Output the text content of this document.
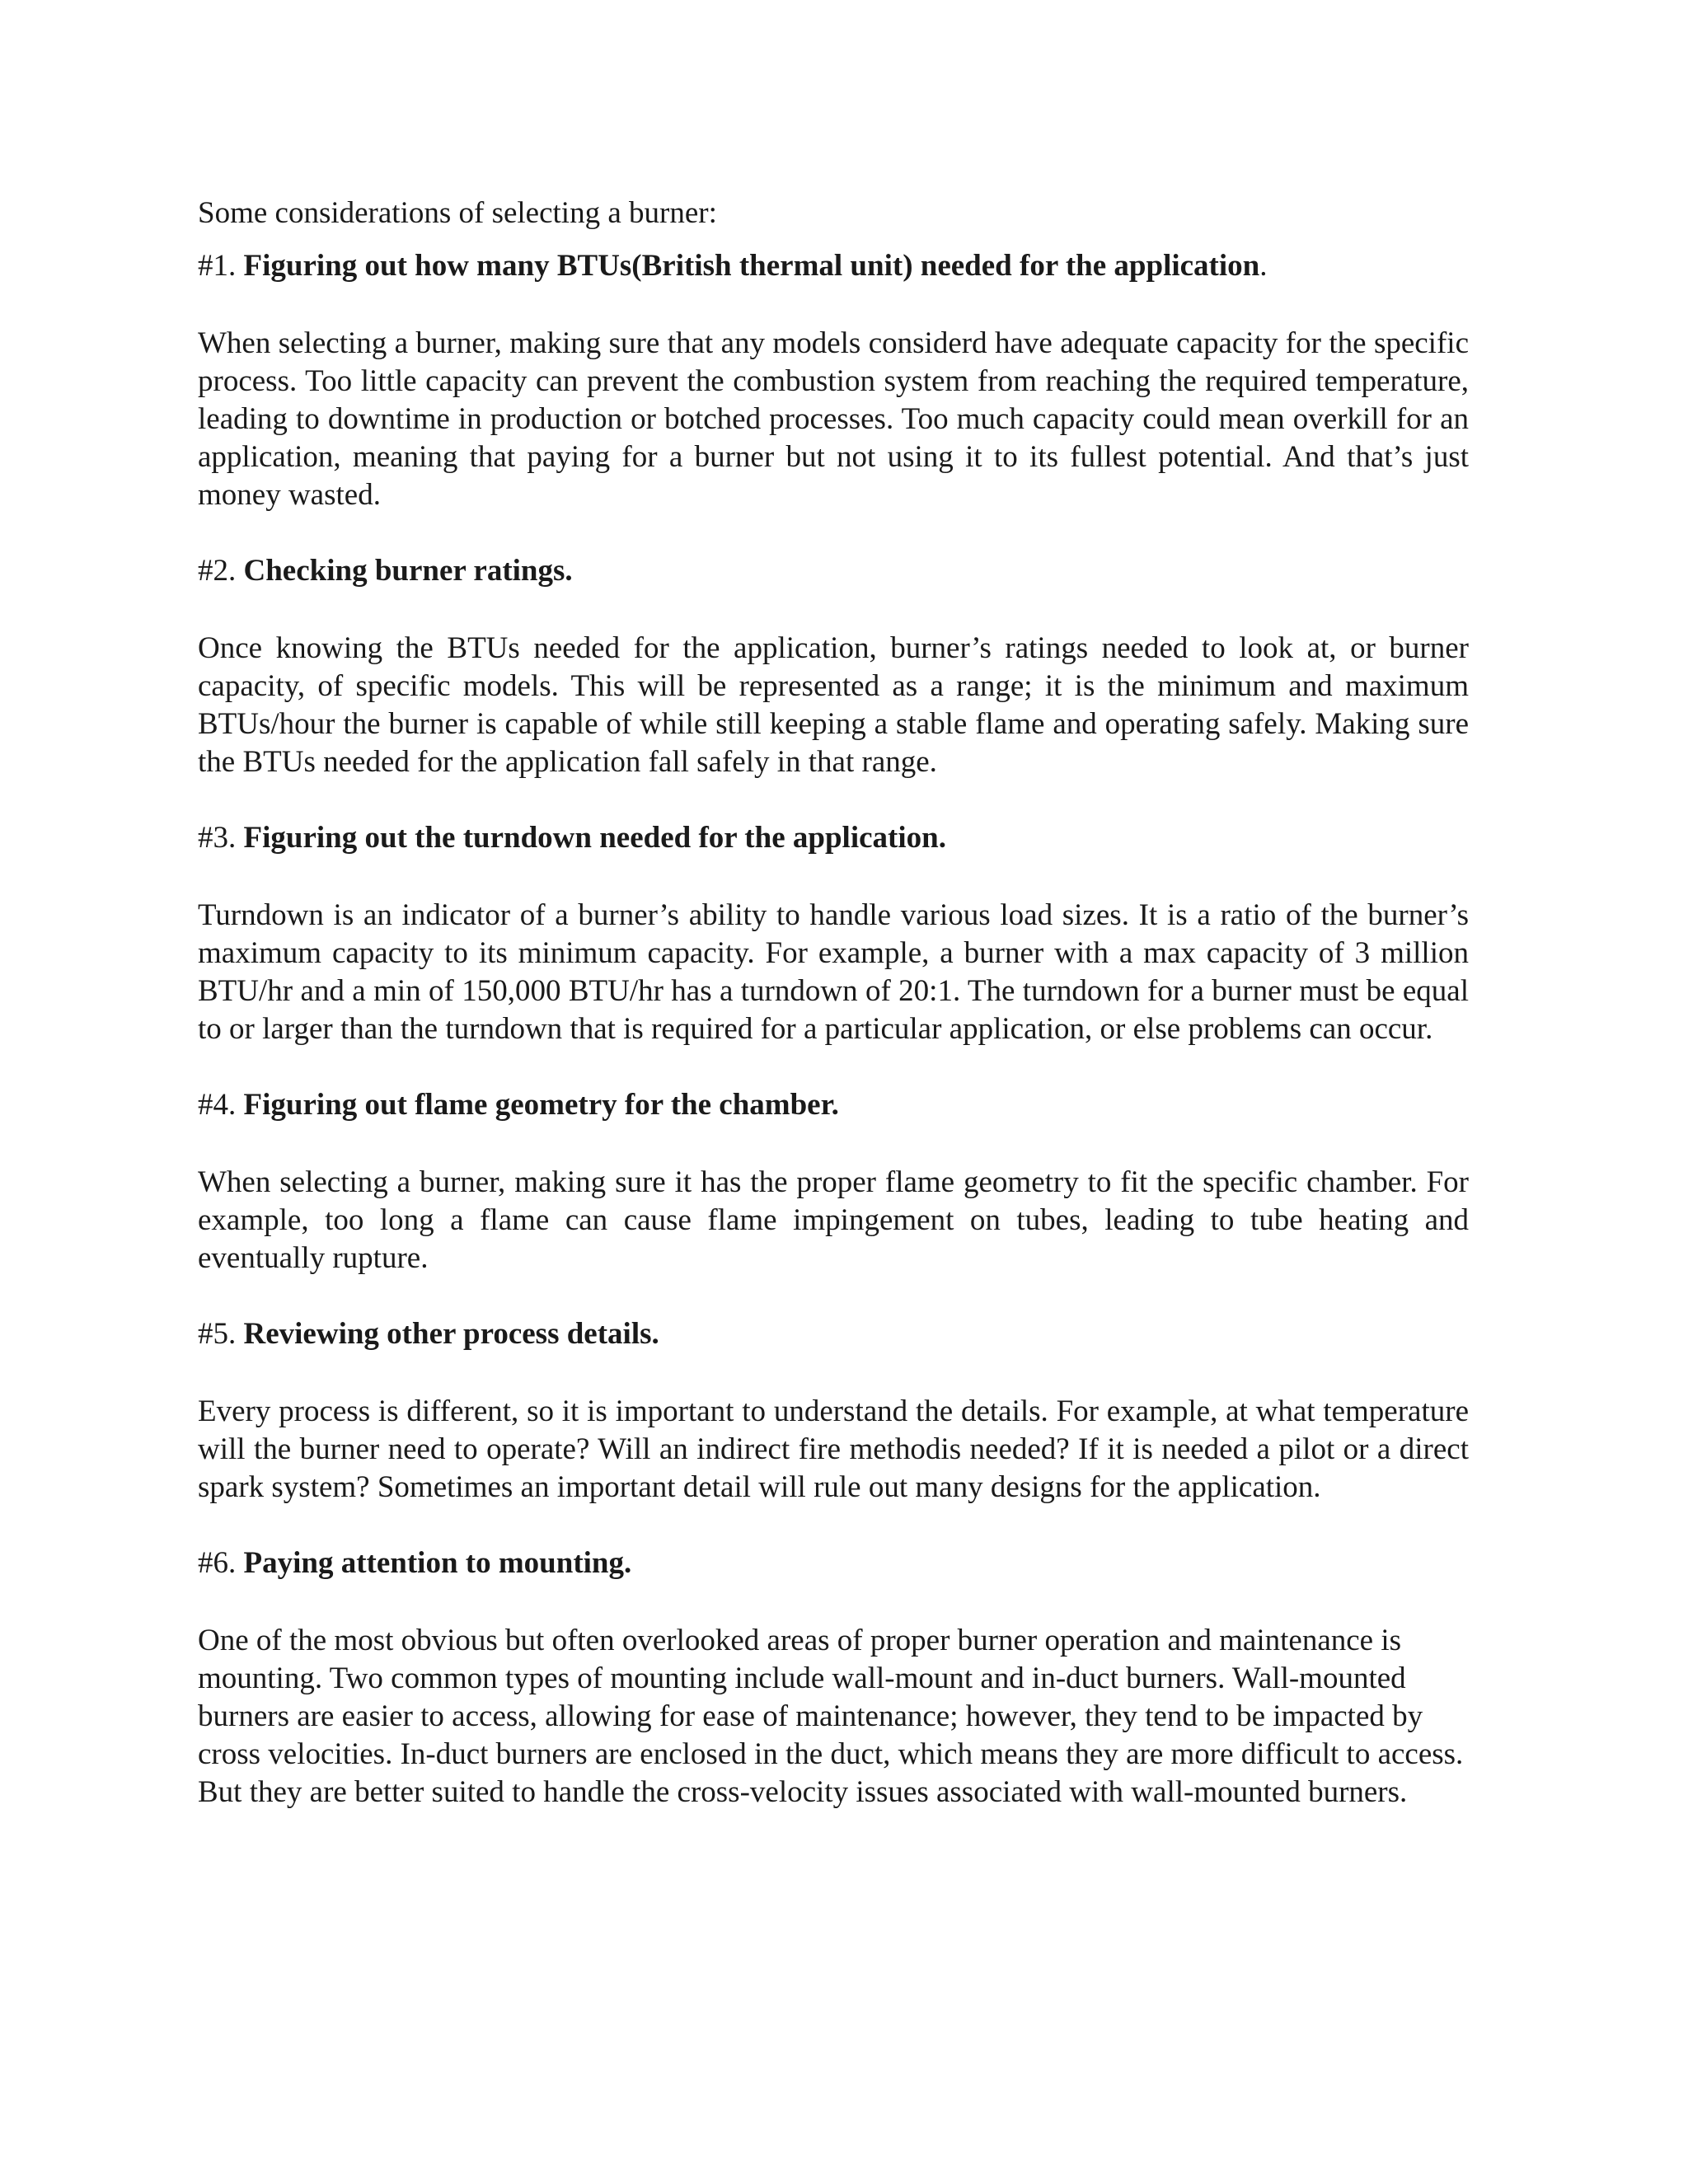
Some considerations of selecting a burner:

#1. Figuring out how many BTUs(British thermal unit) needed for the application.

When selecting a burner, making sure that any models considerd have adequate capacity for the specific process. Too little capacity can prevent the combustion system from reaching the required temperature, leading to downtime in production or botched processes. Too much capacity could mean overkill for an application, meaning that paying for a burner but not using it to its fullest potential. And that’s just money wasted.

#2. Checking burner ratings.

Once knowing the BTUs needed for the application, burner’s ratings needed to look at, or burner capacity, of specific models. This will be represented as a range; it is the minimum and maximum BTUs/hour the burner is capable of while still keeping a stable flame and operating safely. Making sure the BTUs needed for the application fall safely in that range.

#3. Figuring out the turndown needed for the application.

Turndown is an indicator of a burner’s ability to handle various load sizes. It is a ratio of the burner’s maximum capacity to its minimum capacity. For example, a burner with a max capacity of 3 million BTU/hr and a min of 150,000 BTU/hr has a turndown of 20:1. The turndown for a burner must be equal to or larger than the turndown that is required for a particular application, or else problems can occur.

#4. Figuring out flame geometry for the chamber.

When selecting a burner, making sure it has the proper flame geometry to fit the specific chamber. For example, too long a flame can cause flame impingement on tubes, leading to tube heating and eventually rupture.

#5. Reviewing other process details.

Every process is different, so it is important to understand the details. For example, at what temperature will the burner need to operate? Will an indirect fire methodis needed? If it is needed a pilot or a direct spark system? Sometimes an important detail will rule out many designs for the application.

#6. Paying attention to mounting.

One of the most obvious but often overlooked areas of proper burner operation and maintenance is mounting. Two common types of mounting include wall-mount and in-duct burners. Wall-mounted burners are easier to access, allowing for ease of maintenance; however, they tend to be impacted by cross velocities. In-duct burners are enclosed in the duct, which means they are more difficult to access. But they are better suited to handle the cross-velocity issues associated with wall-mounted burners.
